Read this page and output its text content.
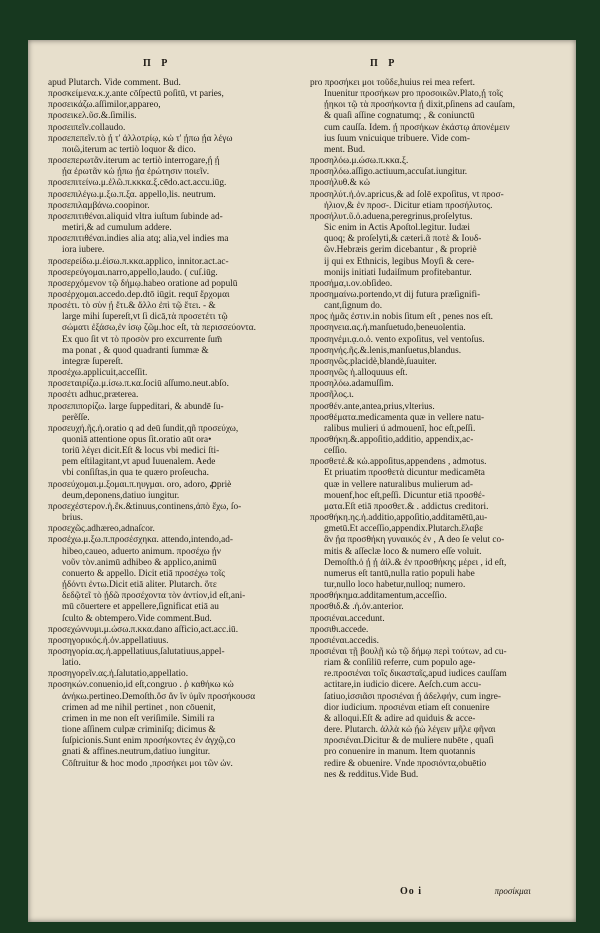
Π Ρ	Π Ρ
apud Plutarch. Vide comment. Bud.
προσκείμενα.κ.χ.ante cōſpectū poſitū, vt paries,
προσεικάζω.aſſimilor,appareo,
προσεικελ.ῦσ.&.ſimilis.
προσειπεῖν.collaudo.
★ προσεπεπεῖν.τὸ ᾗ τ' ἀλλοτρίῳ, κὠ τ' ᾖπω ᾗα λέγω
ποιῶ,iterum ac tertiò loquor & dico.
★ προσεπερωτᾶν.iterum ac tertiò interrogare,ᾗ ᾗ
ᾖα ἐρωτᾶν κὠ ᾖπω ᾗα ἐρώτησιν ποιεῖν.
προσεπιτείνω.μ.ἐλῶ.π.κκκα.ξ.cēdo.act.accu.iūg.
προσεπιλέγω.μ.ξω.π.ξα. appello,lis. neutrum.
προσεπιλαμβάνω.coopinor.
★ προσεπιτιθέναι.aliquid vltra iuſtum ſubinde ad-
metiri,& ad cumulum addere.
★ προσεπιτιθέναι.indies alia atq; alia,vel indies ma
iora iubere.
προσερείδω.μ.ἐίσω.π.κκα.applico, innitor.act.ac-
προσερεύγομαι.narro,appello,laudo. ( cuſ.iūg.
προσερχόμενον τῷ δήμῳ.habeo oratione ad populū
προσέρχομαι.accedo.dep.dtō iūgit. requī ἔρχομαι
★ προσέτι. τὸ σὺν ᾖ ἔτι.& ἄλλο ἐπὶ τῷ ἔτει. - &
large mihi ſupereſt,vt ſi dicā,τὰ προσετέτι τῷ
σώματι ἐξάσω,ἐν ἰσῳ ζῶμ.hoc eſt, τὰ περισσεύοντα.
Ex quo ſit vt τὸ προσὸν pro excurrente ſum̄
ma ponat , & quod quadranti ſummæ &
integræ ſupereſt.
προσέχω.applicuit,acceſſit.
προσεταιρίζω.μ.ίσω.π.κα.ſociū aſſumo.neut.abſo.
προσέτι adhuc,præterea.
★ προσεπιπορίζω. large ſuppeditari, & abundē ſu-
perẽſſe.
προσευχή.ῆς.ἡ.oratio q ad deū ſundit,qñ προσεύχω,
quoniā attentione opus ſit.oratio aūt ora•
toriū λέγει dicit.Eſt & locus vbi medici ſti-
pem eſtilagitant,vt apud Iuuenalem. Aede
vbi conſiſtas,in qua te quæro proſeucha.
προσεύχομαι.μ.ξομαι.π.ηυγμαι. oro, adoro, ꝓpriè
deum,deponens,datiuo iungitur.
προσεχέστερον.ἡ.ἕκ.&tinuus,continens,ἀπὸ ἔχω, ſo-
brius.
★ προσεχῶς.adhæreo,adnaſcor.
προσέχω.μ.ξω.π.προσέσχηκα. attendo,intendo,ad-
★ hibeo,caueo, aduerto animum. προσέχω ᾗν
νοῦν τὸν.animū adhibeo & applico,animū
conuerto & appello. Dicit etiā προσέχω τοῖς
ᾗδόντι ἐντω.Dicit etiā aliter. Plutarch. ὅτε
δεδῷτεῖ τὸ ᾖδῶ προσέχοντα τὸν ἀντίον,id eſt,ani-
mū cōuertere et appellere,ſignificat etiā au
ſculto & obtempero.Vide comment.Bud.
προσεχώννυμι.μ.ώσω.π.κκα.dano aſficio,act.acc.iū.
προσηγορικός.ἡ.ὀν.appellatiuus.
προσηγορία.ας.ἡ.appellatiuus,ſalutatiuus,appel-
latio.
προσηγορεῖν.ας.ἡ.ſalutatio,appellatio.
★ προσηκών.conuenio,id eſt,congruo . ῥ καθήκω κὠ
ἀνήκω.pertineo.Demoſth.ὅσ ἄν ἵν ὑμῖν προσήκουσα
crimen ad me nihil pertinet , non cōuenit,
crimen in me non eſt veriſimile. Simili ra
tione aſſinem culpæ criminiſq; dicimus &
ſuſpicionis.Sunt enim προσήκοντες ἐν ἀγχῷ,co
gnati & affines.neutrum,datiuo iungitur.
Cōſtruitur & hoc modo ,προσήκει μοι τῶν ὧν.
pro προσήκει μοι τοῦδε,huius rei mea refert.
Inuenitur προσήκων pro προσοικῶν.Plato,ᾗ τοῖς
ᾗηκοι τῷ τὰ προσήκοντα ᾗ dixit,pſinens ad cauſam,
& quaſi aſſine cognatumq; , & coniunctū
cum cauſſa. Idem. ᾗ προσήκων ἐκάστῳ ἀπονέμειν
ius ſuum vnicuique tribuere. Vide com-
ment. Bud.
προσηλόω.μ.ώσω.π.κκα.ξ.
προσηλόω.aſſigo.actiuum,accuſat.iungitur.
★ προσήλυθ.& κὠ
★ προσηλύτ.ἡ.ὀν.apricus,& ad ſolē expoſitus, vt προσ-
ἡλιον,& ἐν προσ-. Dicitur etiam προσήλυτος.
προσήλυτ.ῦ.ὁ.aduena,peregrinus,proſelytus.
Sic enim in Actis Apoſtol.legitur. Iudæi
quoq; & proſelyti,& cæteri.ᾶ ποτὲ & Ιουδ-
ῶν.Hebræis gerim dicebantur , & propriè
ij qui ex Ethnicis, legibus Moyſi & cere-
monijs initiati Iudaiſmum profitebantur.
προσήμα,ι.ον.obſideo.
προσημαίνω.portendo,vt dij futura præſignifi-
cant,ſignum do.
προς ἡμᾶς ἐστιν.in nobis ſitum eſt , penes nos eſt.
προσηνεια.ας.ἡ.manſuetudo,beneuolentia.
προσηνέμι.ᾳ.ο.ὁ. vento expoſitus, vel ventoſus.
προσηνής.ῆς.&.lenis,manſuetus,blandus.
προσηνῶς.placidè,blandè,ſuauiter.
προσηνῶς ἡ.alloquuus eſt.
προσηλόω.adamuſſim.
προσῆλος.ι.
προσθέν.ante,antea,prius,vlterius.
★ προσθέματα.medicamenta quæ in vellere natu-
ralibus mulieri ú admouenī, hoc eſt,peſſi.
προσθήκη.&.appoſitio,additio, appendix,ac-
ceſſio.
★ προσθετέ.& κὠ.appoſitus,appendens , admotus.
Et priuatim προσθετὰ dicuntur medicamēta
quæ in vellere naturalibus mulierum ad-
mouenf,hoc eſt,peſſi. Dicuntur etiā προσθέ-
ματα.Eſt etiā προσθετ.& . addictus creditori.
★ προσθήκη.ης.ἡ.additio,appoſitio,additamētū,au-
gmetū.Et acceſſio,appendix.Plutarch.ἔλαβε
ἂν ᾖα προσθήκη γυναικός ἐν , A deo ſe velut co-
mitis & aſſeclæ loco & numero eſſe voluit.
Demoſth.ὁ ᾗ ᾗ ἀἰλ.& ἐν προσθήκης μέρει , id eſt,
numerus eſt tantū,nulla ratio populi habe
tur,nullo loco habetur,nulloq; numero.
★ προσθήκημα.additamentum,acceſſio.
προσθιδ.& .ἡ.ὀν.anterior.
προσιέναι.accedunt.
προσιθι.accede.
προσιέναι.accedis.
★ προσιέναι τῇ βουλῇ κὠ τῷ δήμῳ περὶ τούτων, ad cu-
riam & conſiliū referre, cum populo age-
re.προσιέναι τοῖς δικασταῖς,apud iudices cauſſam
actitare,in iudicio dicere. Aeſch.cum accu-
ſatiuo,ἰσσιᾶσι προσιέναι ᾗ ἀδελφήν, cum ingre-
dior iudicium. προσιέναι etiam eſt conuenire
& alloqui.Eſt & adire ad quiduis & acce-
dere. Plutarch. ἀλλὰ κὠ ᾗὼ λέγειν μῆλε φῆναι
προσιέναι.Dicitur & de muliere nubēte , quaſi
pro conuenire in manum. Item quotannis
redire & obuenire. Vnde προσιόντα,obuētio
nes & redditus.Vide Bud.
Oo i	προσίκμαι
